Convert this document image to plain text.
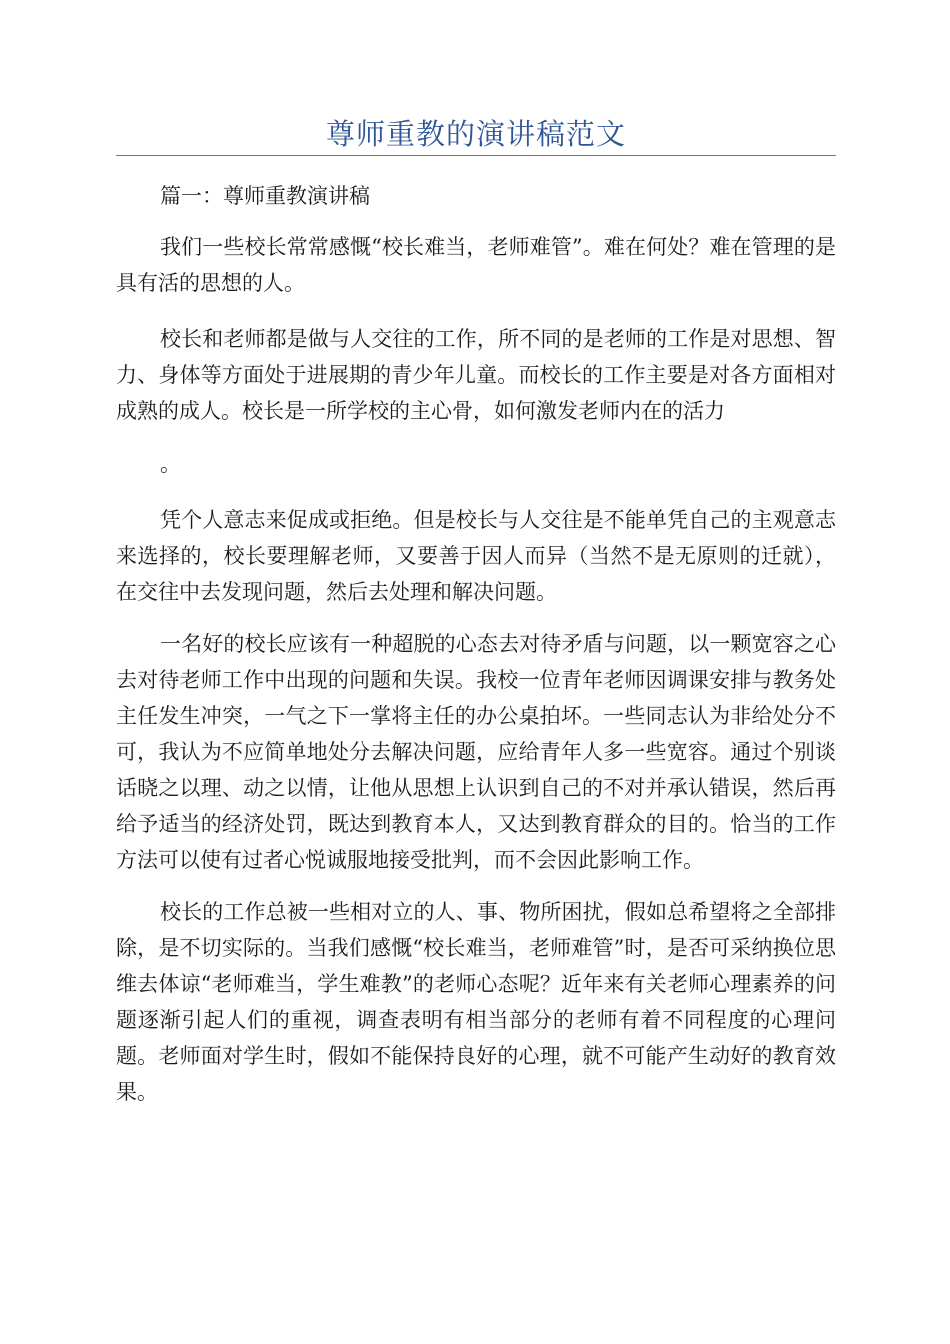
尊师重教的演讲稿范文

篇一：尊师重教演讲稿

我们一些校长常常感慨“校长难当，老师难管”。难在何处？难在管理的是具有活的思想的人。

校长和老师都是做与人交往的工作，所不同的是老师的工作是对思想、智力、身体等方面处于进展期的青少年儿童。而校长的工作主要是对各方面相对成熟的成人。校长是一所学校的主心骨，如何激发老师内在的活力

。

凭个人意志来促成或拒绝。但是校长与人交往是不能单凭自己的主观意志来选择的，校长要理解老师，又要善于因人而异（当然不是无原则的迁就），在交往中去发现问题，然后去处理和解决问题。

一名好的校长应该有一种超脱的心态去对待矛盾与问题，以一颗宽容之心去对待老师工作中出现的问题和失误。我校一位青年老师因调课安排与教务处主任发生冲突，一气之下一掌将主任的办公桌拍坏。一些同志认为非给处分不可，我认为不应简单地处分去解决问题，应给青年人多一些宽容。通过个别谈话晓之以理、动之以情，让他从思想上认识到自己的不对并承认错误，然后再给予适当的经济处罚，既达到教育本人，又达到教育群众的目的。恰当的工作方法可以使有过者心悦诚服地接受批判，而不会因此影响工作。

校长的工作总被一些相对立的人、事、物所困扰，假如总希望将之全部排除，是不切实际的。当我们感慨“校长难当，老师难管”时，是否可采纳换位思维去体谅“老师难当，学生难教”的老师心态呢？近年来有关老师心理素养的问题逐渐引起人们的重视，调查表明有相当部分的老师有着不同程度的心理问题。老师面对学生时，假如不能保持良好的心理，就不可能产生动好的教育效果。
